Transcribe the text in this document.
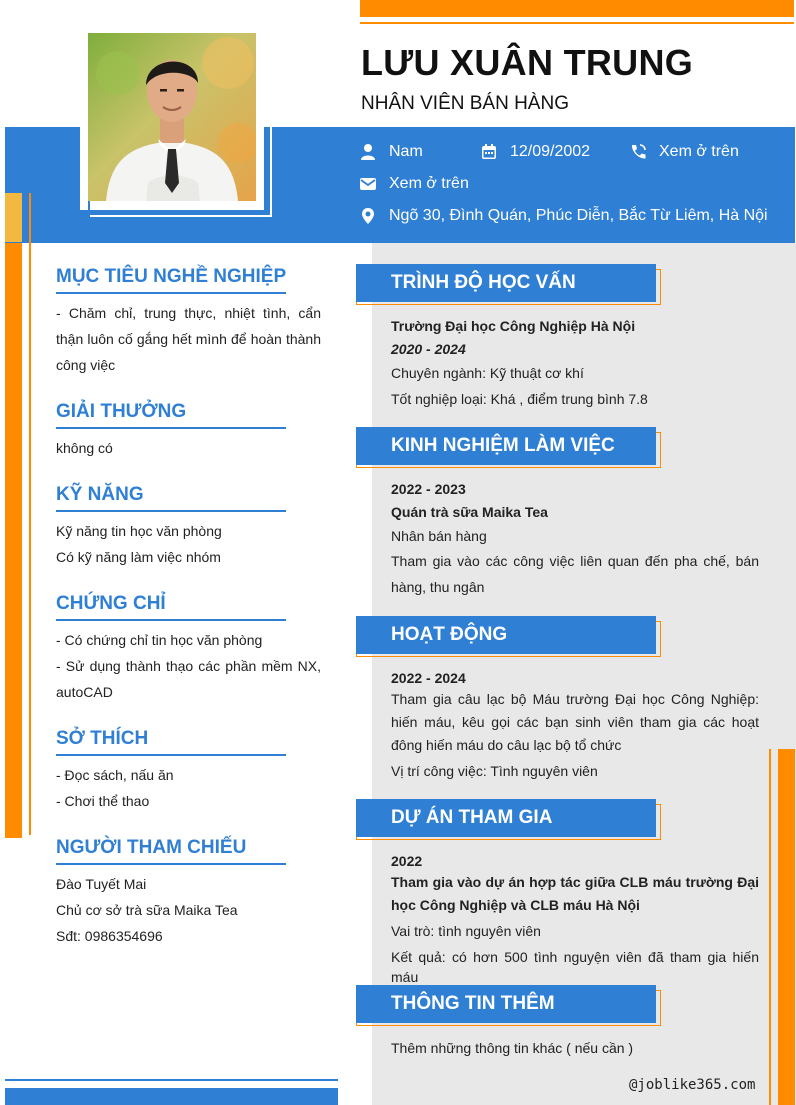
LƯU XUÂN TRUNG
NHÂN VIÊN BÁN HÀNG
Nam	12/09/2002	Xem ở trên
Xem ở trên
Ngõ 30, Đình Quán, Phúc Diễn, Bắc Từ Liêm, Hà Nội
MỤC TIÊU NGHỀ NGHIỆP
- Chăm chỉ, trung thực, nhiệt tình, cẩn thận luôn cố gắng hết mình để hoàn thành công việc
GIẢI THƯỞNG
không có
KỸ NĂNG
Kỹ năng tin học văn phòng
Có kỹ năng làm việc nhóm
CHỨNG CHỈ
- Có chứng chỉ tin học văn phòng
- Sử dụng thành thạo các phần mềm NX, autoCAD
SỞ THÍCH
- Đọc sách, nấu ăn
- Chơi thể thao
NGƯỜI THAM CHIẾU
Đào Tuyết Mai
Chủ cơ sở trà sữa Maika Tea
Sđt: 0986354696
TRÌNH ĐỘ HỌC VẤN
Trường Đại học Công Nghiệp Hà Nội
2020 - 2024
Chuyên ngành: Kỹ thuật cơ khí
Tốt nghiệp loại: Khá , điểm trung bình 7.8
KINH NGHIỆM LÀM VIỆC
2022 - 2023
Quán trà sữa Maika Tea
Nhân bán hàng
Tham gia vào các công việc liên quan đến pha chế, bán hàng, thu ngân
HOẠT ĐỘNG
2022 - 2024
Tham gia câu lạc bộ Máu trường Đại học Công Nghiệp: hiến máu, kêu gọi các bạn sinh viên tham gia các hoạt đông hiến máu do câu lạc bộ tổ chức
Vị trí công việc: Tình nguyên viên
DỰ ÁN THAM GIA
2022
Tham gia vào dự án hợp tác giữa CLB máu trường Đại học Công Nghiệp và CLB máu Hà Nội
Vai trò: tình nguyên viên
Kết quả: có hơn 500 tình nguyện viên đã tham gia hiến máu
THÔNG TIN THÊM
Thêm những thông tin khác ( nếu cần )
@joblike365.com
